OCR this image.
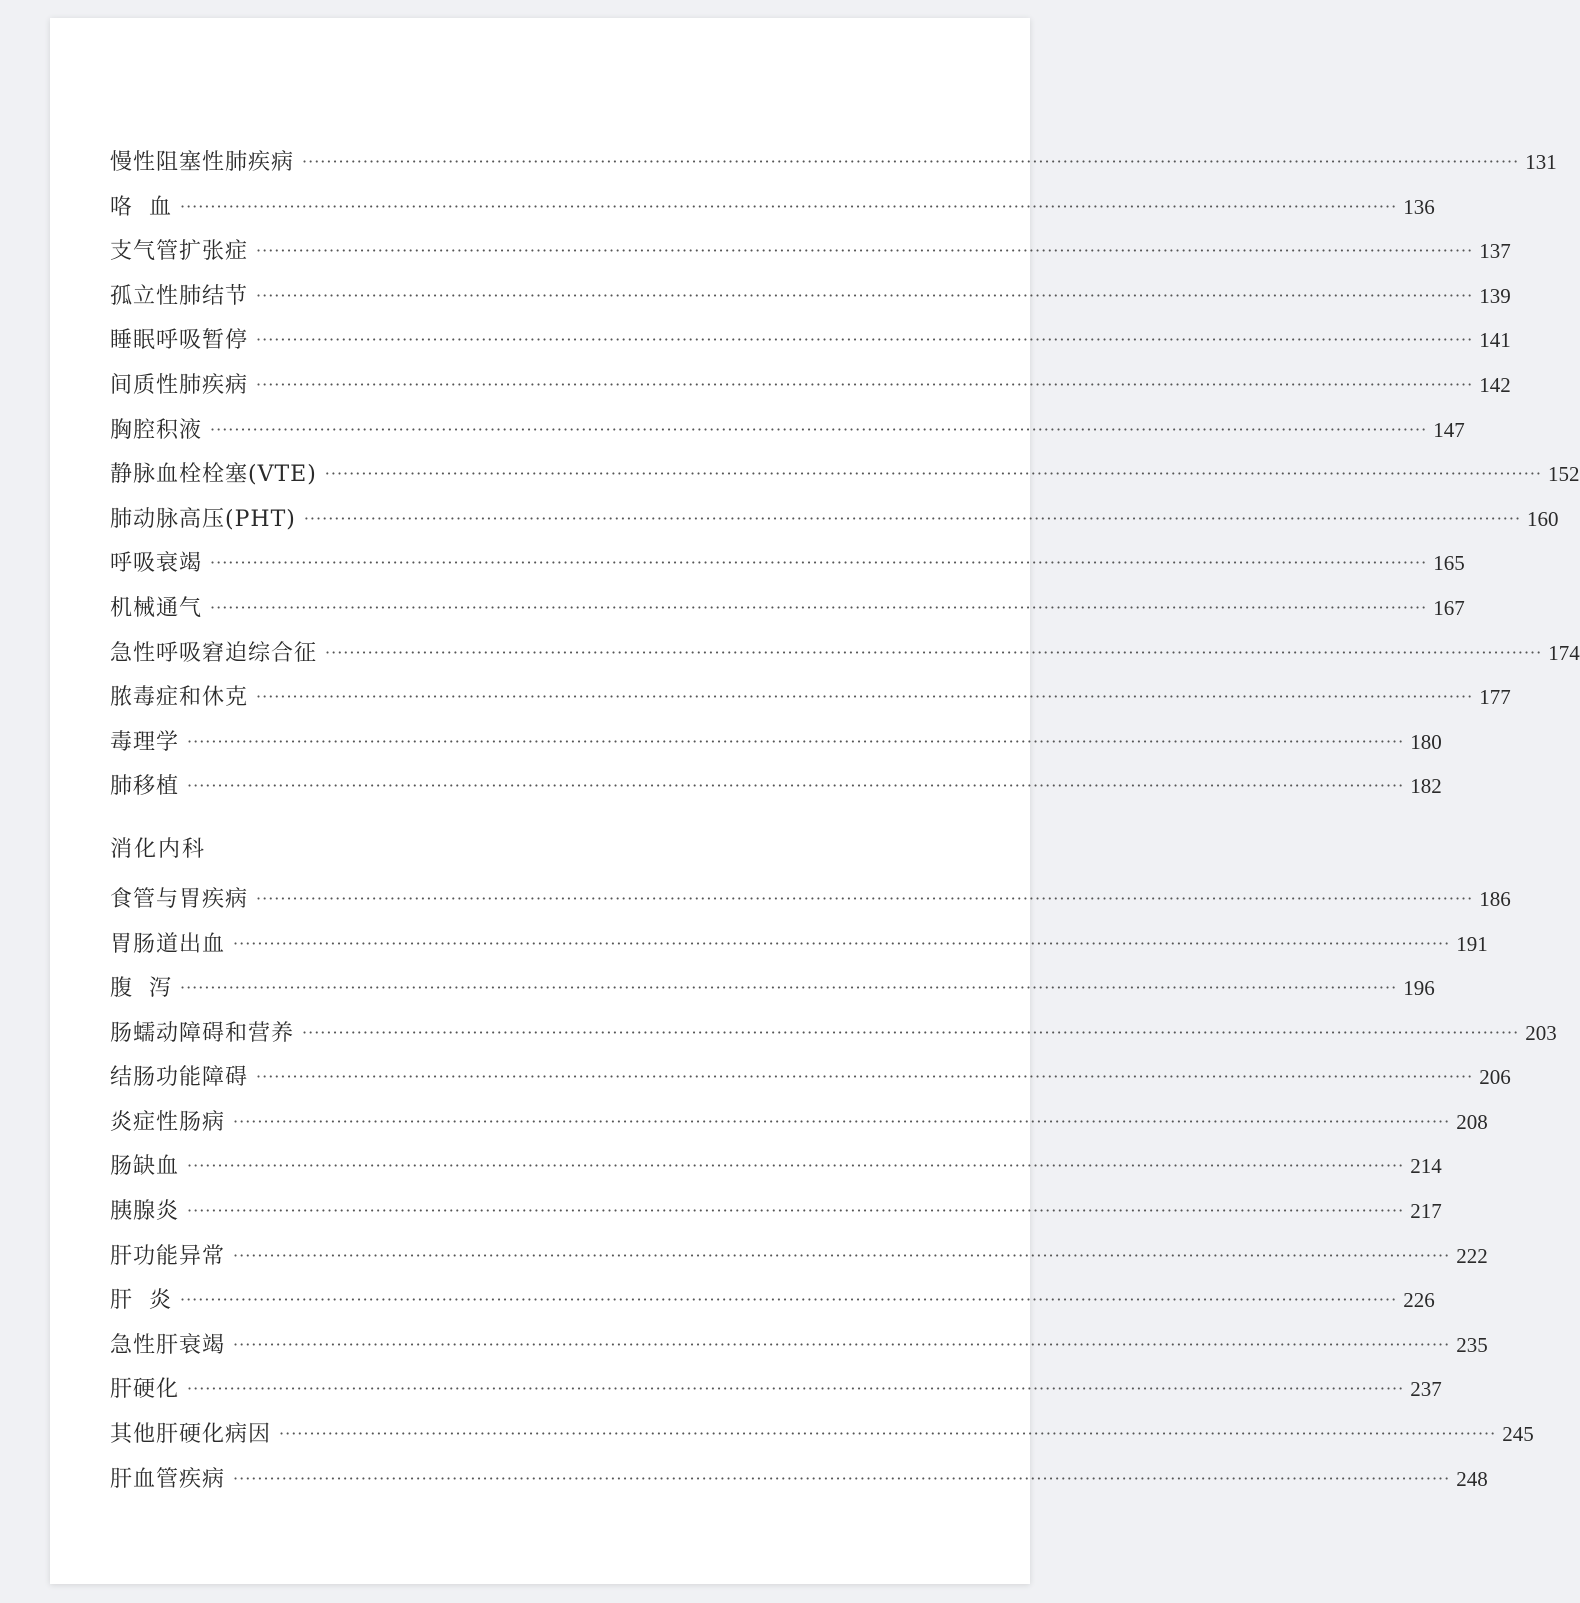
慢性阻塞性肺疾病 ········································································································································································································ 131
咯  血 ········································································································································································································ 136
支气管扩张症 ········································································································································································································ 137
孤立性肺结节 ········································································································································································································ 139
睡眠呼吸暂停 ········································································································································································································ 141
间质性肺疾病 ········································································································································································································ 142
胸腔积液 ········································································································································································································ 147
静脉血栓栓塞(VTE) ········································································································································································································ 152
肺动脉高压(PHT) ········································································································································································································ 160
呼吸衰竭 ········································································································································································································ 165
机械通气 ········································································································································································································ 167
急性呼吸窘迫综合征 ········································································································································································································ 174
脓毒症和休克 ········································································································································································································ 177
毒理学 ········································································································································································································ 180
肺移植 ········································································································································································································ 182
消化内科
食管与胃疾病 ········································································································································································································ 186
胃肠道出血 ········································································································································································································ 191
腹  泻 ········································································································································································································ 196
肠蠕动障碍和营养 ········································································································································································································ 203
结肠功能障碍 ········································································································································································································ 206
炎症性肠病 ········································································································································································································ 208
肠缺血 ········································································································································································································ 214
胰腺炎 ········································································································································································································ 217
肝功能异常 ········································································································································································································ 222
肝  炎 ········································································································································································································ 226
急性肝衰竭 ········································································································································································································ 235
肝硬化 ········································································································································································································ 237
其他肝硬化病因 ········································································································································································································ 245
肝血管疾病 ········································································································································································································ 248
